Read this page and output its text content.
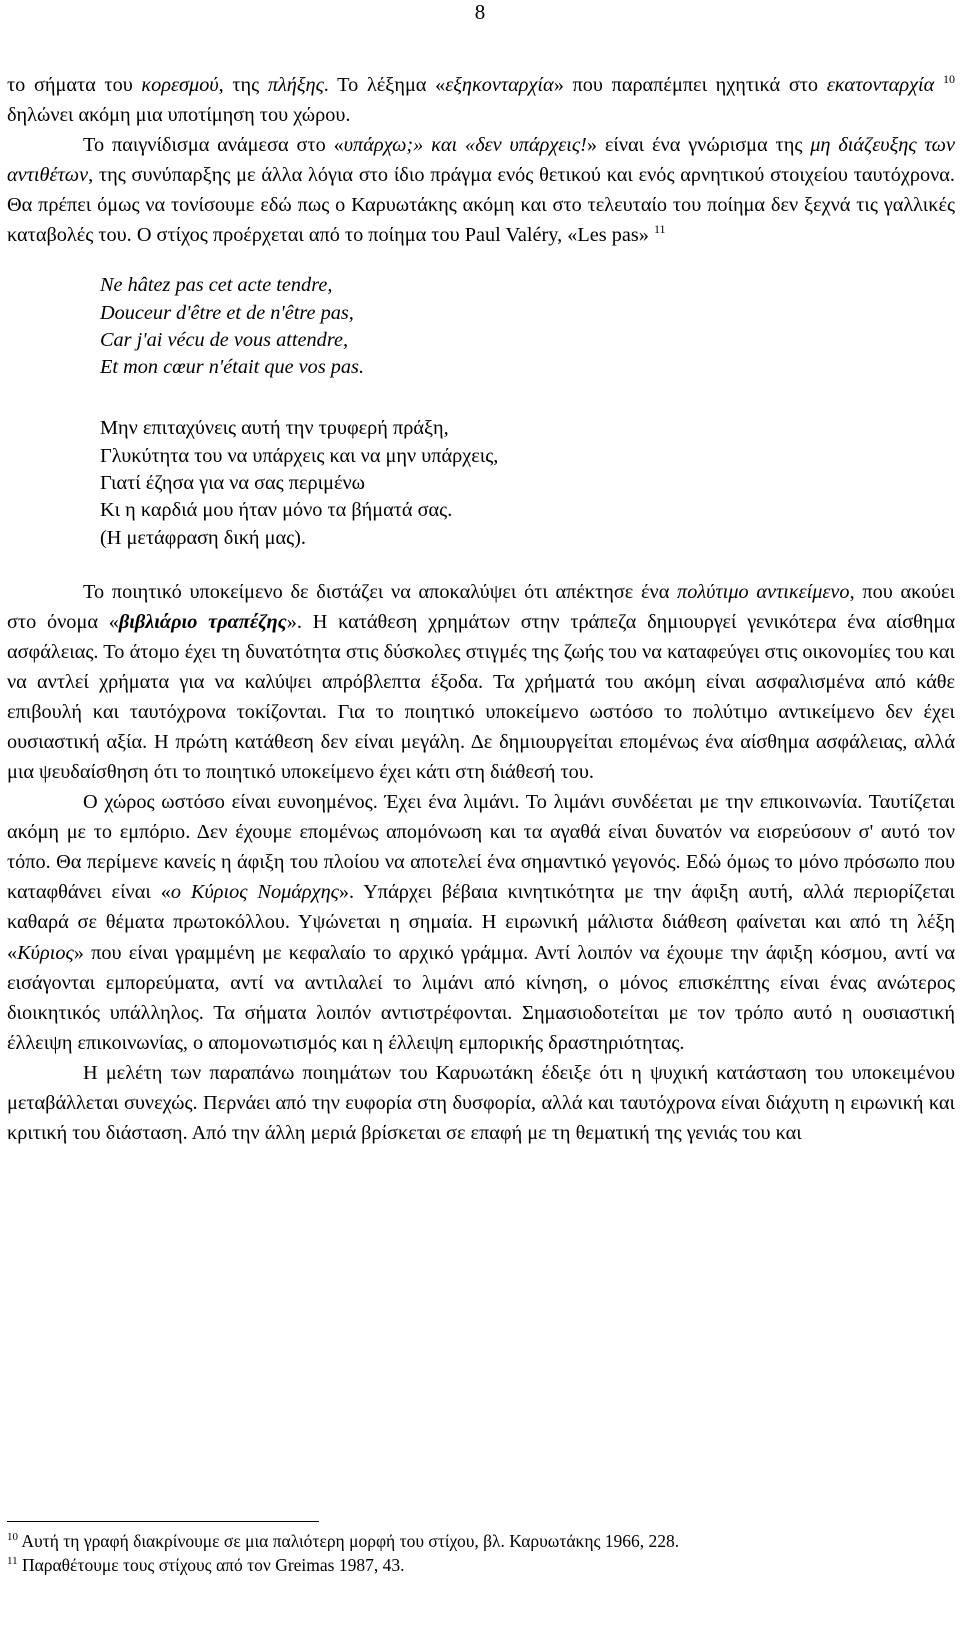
8

το σήματα του κορεσμού, της πλήξης. Το λέξημα «εξηκονταρχία» που παραπέμπει ηχητικά στο εκατονταρχία $^{10}$ δηλώνει ακόμη μια υποτίμηση του χώρου.

Το παιγνίδισμα ανάμεσα στο «υπάρχω;» και «δεν υπάρχεις!» είναι ένα γνώρισμα της μη διάζευξης των αντιθέτων, της συνύπαρξης με άλλα λόγια στο ίδιο πράγμα ενός θετικού και ενός αρνητικού στοιχείου ταυτόχρονα. Θα πρέπει όμως να τονίσουμε εδώ πως ο Καρυωτάκης ακόμη και στο τελευταίο του ποίημα δεν ξεχνά τις γαλλικές καταβολές του. Ο στίχος προέρχεται από το ποίημα του Paul Valéry, «Les pas» $^{11}$

Ne hâtez pas cet acte tendre,
Douceur d'être et de n'être pas,
Car j'ai vécu de vous attendre,
Et mon cœur n'était que vos pas.
Μην επιταχύνεις αυτή την τρυφερή πράξη,
Γλυκύτητα του να υπάρχεις και να μην υπάρχεις,
Γιατί έζησα για να σας περιμένω
Κι η καρδιά μου ήταν μόνο τα βήματά σας.
(Η μετάφραση δική μας).

Το ποιητικό υποκείμενο δε διστάζει να αποκαλύψει ότι απέκτησε ένα πολύτιμο αντικείμενο, που ακούει στο όνομα «βιβλιάριο τραπέζης». Η κατάθεση χρημάτων στην τράπεζα δημιουργεί γενικότερα ένα αίσθημα ασφάλειας. Το άτομο έχει τη δυνατότητα στις δύσκολες στιγμές της ζωής του να καταφεύγει στις οικονομίες του και να αντλεί χρήματα για να καλύψει απρόβλεπτα έξοδα. Τα χρήματά του ακόμη είναι ασφαλισμένα από κάθε επιβουλή και ταυτόχρονα τοκίζονται. Για το ποιητικό υποκείμενο ωστόσο το πολύτιμο αντικείμενο δεν έχει ουσιαστική αξία. Η πρώτη κατάθεση δεν είναι μεγάλη. Δε δημιουργείται επομένως ένα αίσθημα ασφάλειας, αλλά μια ψευδαίσθηση ότι το ποιητικό υποκείμενο έχει κάτι στη διάθεσή του.

Ο χώρος ωστόσο είναι ευνοημένος. Έχει ένα λιμάνι. Το λιμάνι συνδέεται με την επικοινωνία. Ταυτίζεται ακόμη με το εμπόριο. Δεν έχουμε επομένως απομόνωση και τα αγαθά είναι δυνατόν να εισρεύσουν σ' αυτό τον τόπο. Θα περίμενε κανείς η άφιξη του πλοίου να αποτελεί ένα σημαντικό γεγονός. Εδώ όμως το μόνο πρόσωπο που καταφθάνει είναι «ο Κύριος Νομάρχης». Υπάρχει βέβαια κινητικότητα με την άφιξη αυτή, αλλά περιορίζεται καθαρά σε θέματα πρωτοκόλλου. Υψώνεται η σημαία. Η ειρωνική μάλιστα διάθεση φαίνεται και από τη λέξη «Κύριος» που είναι γραμμένη με κεφαλαίο το αρχικό γράμμα. Αντί λοιπόν να έχουμε την άφιξη κόσμου, αντί να εισάγονται εμπορεύματα, αντί να αντιλαλεί το λιμάνι από κίνηση, ο μόνος επισκέπτης είναι ένας ανώτερος διοικητικός υπάλληλος. Τα σήματα λοιπόν αντιστρέφονται. Σημασιοδοτείται με τον τρόπο αυτό η ουσιαστική έλλειψη επικοινωνίας, ο απομονωτισμός και η έλλειψη εμπορικής δραστηριότητας.

Η μελέτη των παραπάνω ποιημάτων του Καρυωτάκη έδειξε ότι η ψυχική κατάσταση του υποκειμένου μεταβάλλεται συνεχώς. Περνάει από την ευφορία στη δυσφορία, αλλά και ταυτόχρονα είναι διάχυτη η ειρωνική και κριτική του διάσταση. Από την άλλη μεριά βρίσκεται σε επαφή με τη θεματική της γενιάς του και

$^{10}$ Αυτή τη γραφή διακρίνουμε σε μια παλιότερη μορφή του στίχου, βλ. Καρυωτάκης 1966, 228.
$^{11}$ Παραθέτουμε τους στίχους από τον Greimas 1987, 43.
